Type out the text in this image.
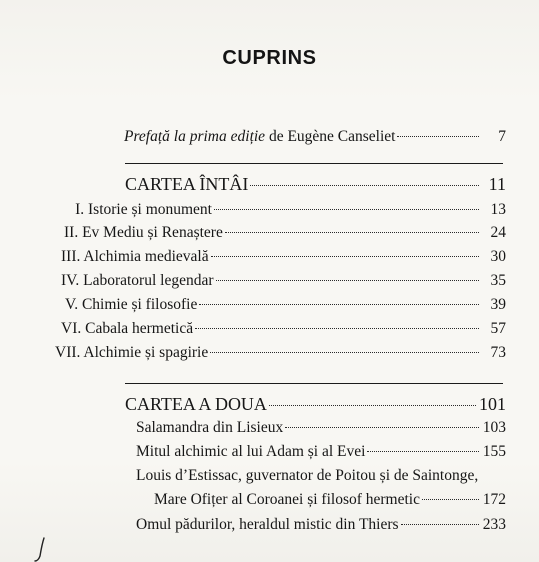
CUPRINS
Prefață la prima ediție de Eugène Canseliet	7
CARTEA ÎNTÂI	11
I. Istorie și monument	13
II. Ev Mediu și Renaștere	24
III. Alchimia medievală	30
IV. Laboratorul legendar	35
V. Chimie și filosofie	39
VI. Cabala hermetică	57
VII. Alchimie și spagirie	73
CARTEA A DOUA	101
Salamandra din Lisieux	103
Mitul alchimic al lui Adam și al Evei	155
Louis d’Estissac, guvernator de Poitou și de Saintonge,
Mare Ofițer al Coroanei și filosof hermetic	172
Omul pădurilor, heraldul mistic din Thiers	233
